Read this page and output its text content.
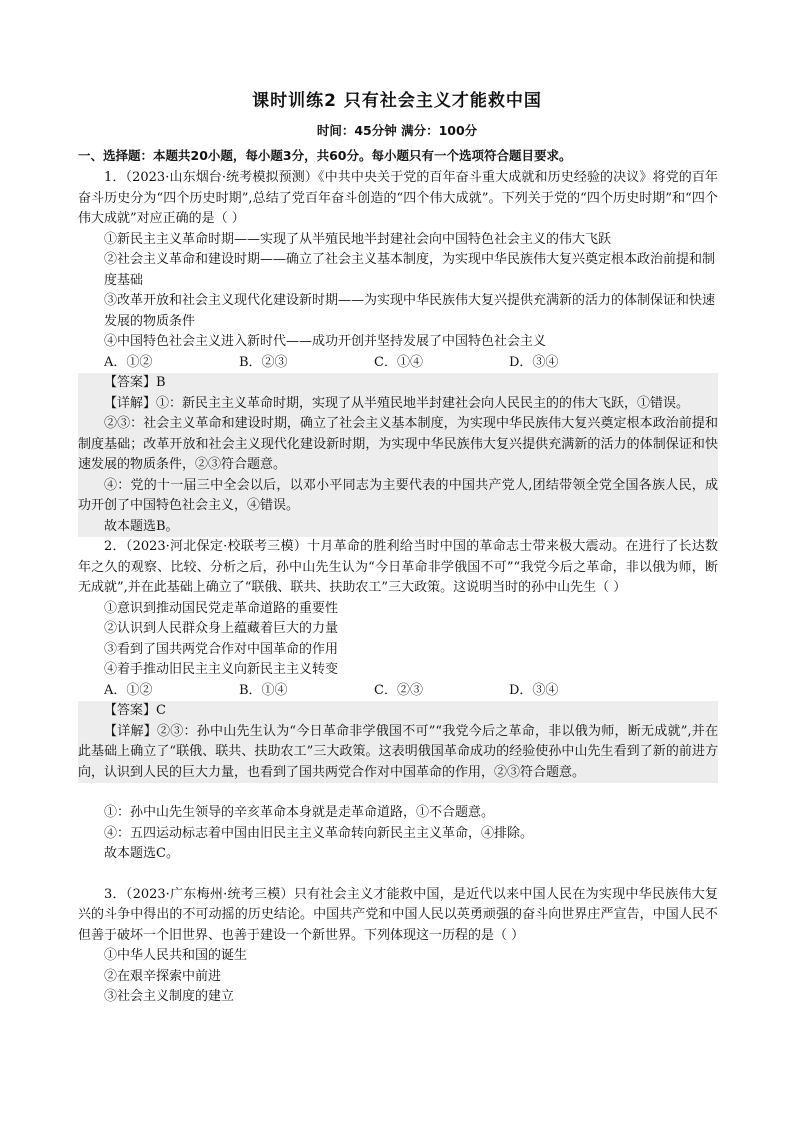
课时训练2 只有社会主义才能救中国
时间：45分钟 满分：100分
一、选择题：本题共20小题，每小题3分，共60分。每小题只有一个选项符合题目要求。

1．（2023·山东烟台·统考模拟预测）《中共中央关于党的百年奋斗重大成就和历史经验的决议》将党的百年奋斗历史分为“四个历史时期”,总结了党百年奋斗创造的“四个伟大成就”。下列关于党的“四个历史时期”和“四个伟大成就”对应正确的是（ ）

①新民主主义革命时期——实现了从半殖民地半封建社会向中国特色社会主义的伟大飞跃

②社会主义革命和建设时期——确立了社会主义基本制度，为实现中华民族伟大复兴奠定根本政治前提和制度基础

③改革开放和社会主义现代化建设新时期——为实现中华民族伟大复兴提供充满新的活力的体制保证和快速发展的物质条件

④中国特色社会主义进入新时代——成功开创并坚持发展了中国特色社会主义

A．①②	B．②③	C．①④	D．③④

【答案】B

【详解】①：新民主主义革命时期，实现了从半殖民地半封建社会向人民民主的的伟大飞跃，①错误。

②③：社会主义革命和建设时期，确立了社会主义基本制度，为实现中华民族伟大复兴奠定根本政治前提和制度基础；改革开放和社会主义现代化建设新时期，为实现中华民族伟大复兴提供充满新的活力的体制保证和快速发展的物质条件，②③符合题意。

④：党的十一届三中全会以后，以邓小平同志为主要代表的中国共产党人,团结带领全党全国各族人民，成功开创了中国特色社会主义，④错误。

故本题选B。

2．（2023·河北保定·校联考三模）十月革命的胜利给当时中国的革命志士带来极大震动。在进行了长达数年之久的观察、比较、分析之后，孙中山先生认为“今日革命非学俄国不可”“我党今后之革命，非以俄为师，断无成就”,并在此基础上确立了“联俄、联共、扶助农工”三大政策。这说明当时的孙中山先生（ ）

①意识到推动国民党走革命道路的重要性

②认识到人民群众身上蕴藏着巨大的力量

③看到了国共两党合作对中国革命的作用

④着手推动旧民主主义向新民主主义转变

A．①②	B．①④	C．②③	D．③④

【答案】C

【详解】②③：孙中山先生认为“今日革命非学俄国不可”“我党今后之革命，非以俄为师，断无成就”,并在此基础上确立了“联俄、联共、扶助农工”三大政策。这表明俄国革命成功的经验使孙中山先生看到了新的前进方向，认识到人民的巨大力量，也看到了国共两党合作对中国革命的作用，②③符合题意。

①：孙中山先生领导的辛亥革命本身就是走革命道路，①不合题意。

④：五四运动标志着中国由旧民主主义革命转向新民主主义革命，④排除。

故本题选C。

3．（2023·广东梅州·统考三模）只有社会主义才能救中国，是近代以来中国人民在为实现中华民族伟大复兴的斗争中得出的不可动摇的历史结论。中国共产党和中国人民以英勇顽强的奋斗向世界庄严宣告，中国人民不但善于破坏一个旧世界、也善于建设一个新世界。下列体现这一历程的是（ ）

①中华人民共和国的诞生

②在艰辛探索中前进

③社会主义制度的建立
